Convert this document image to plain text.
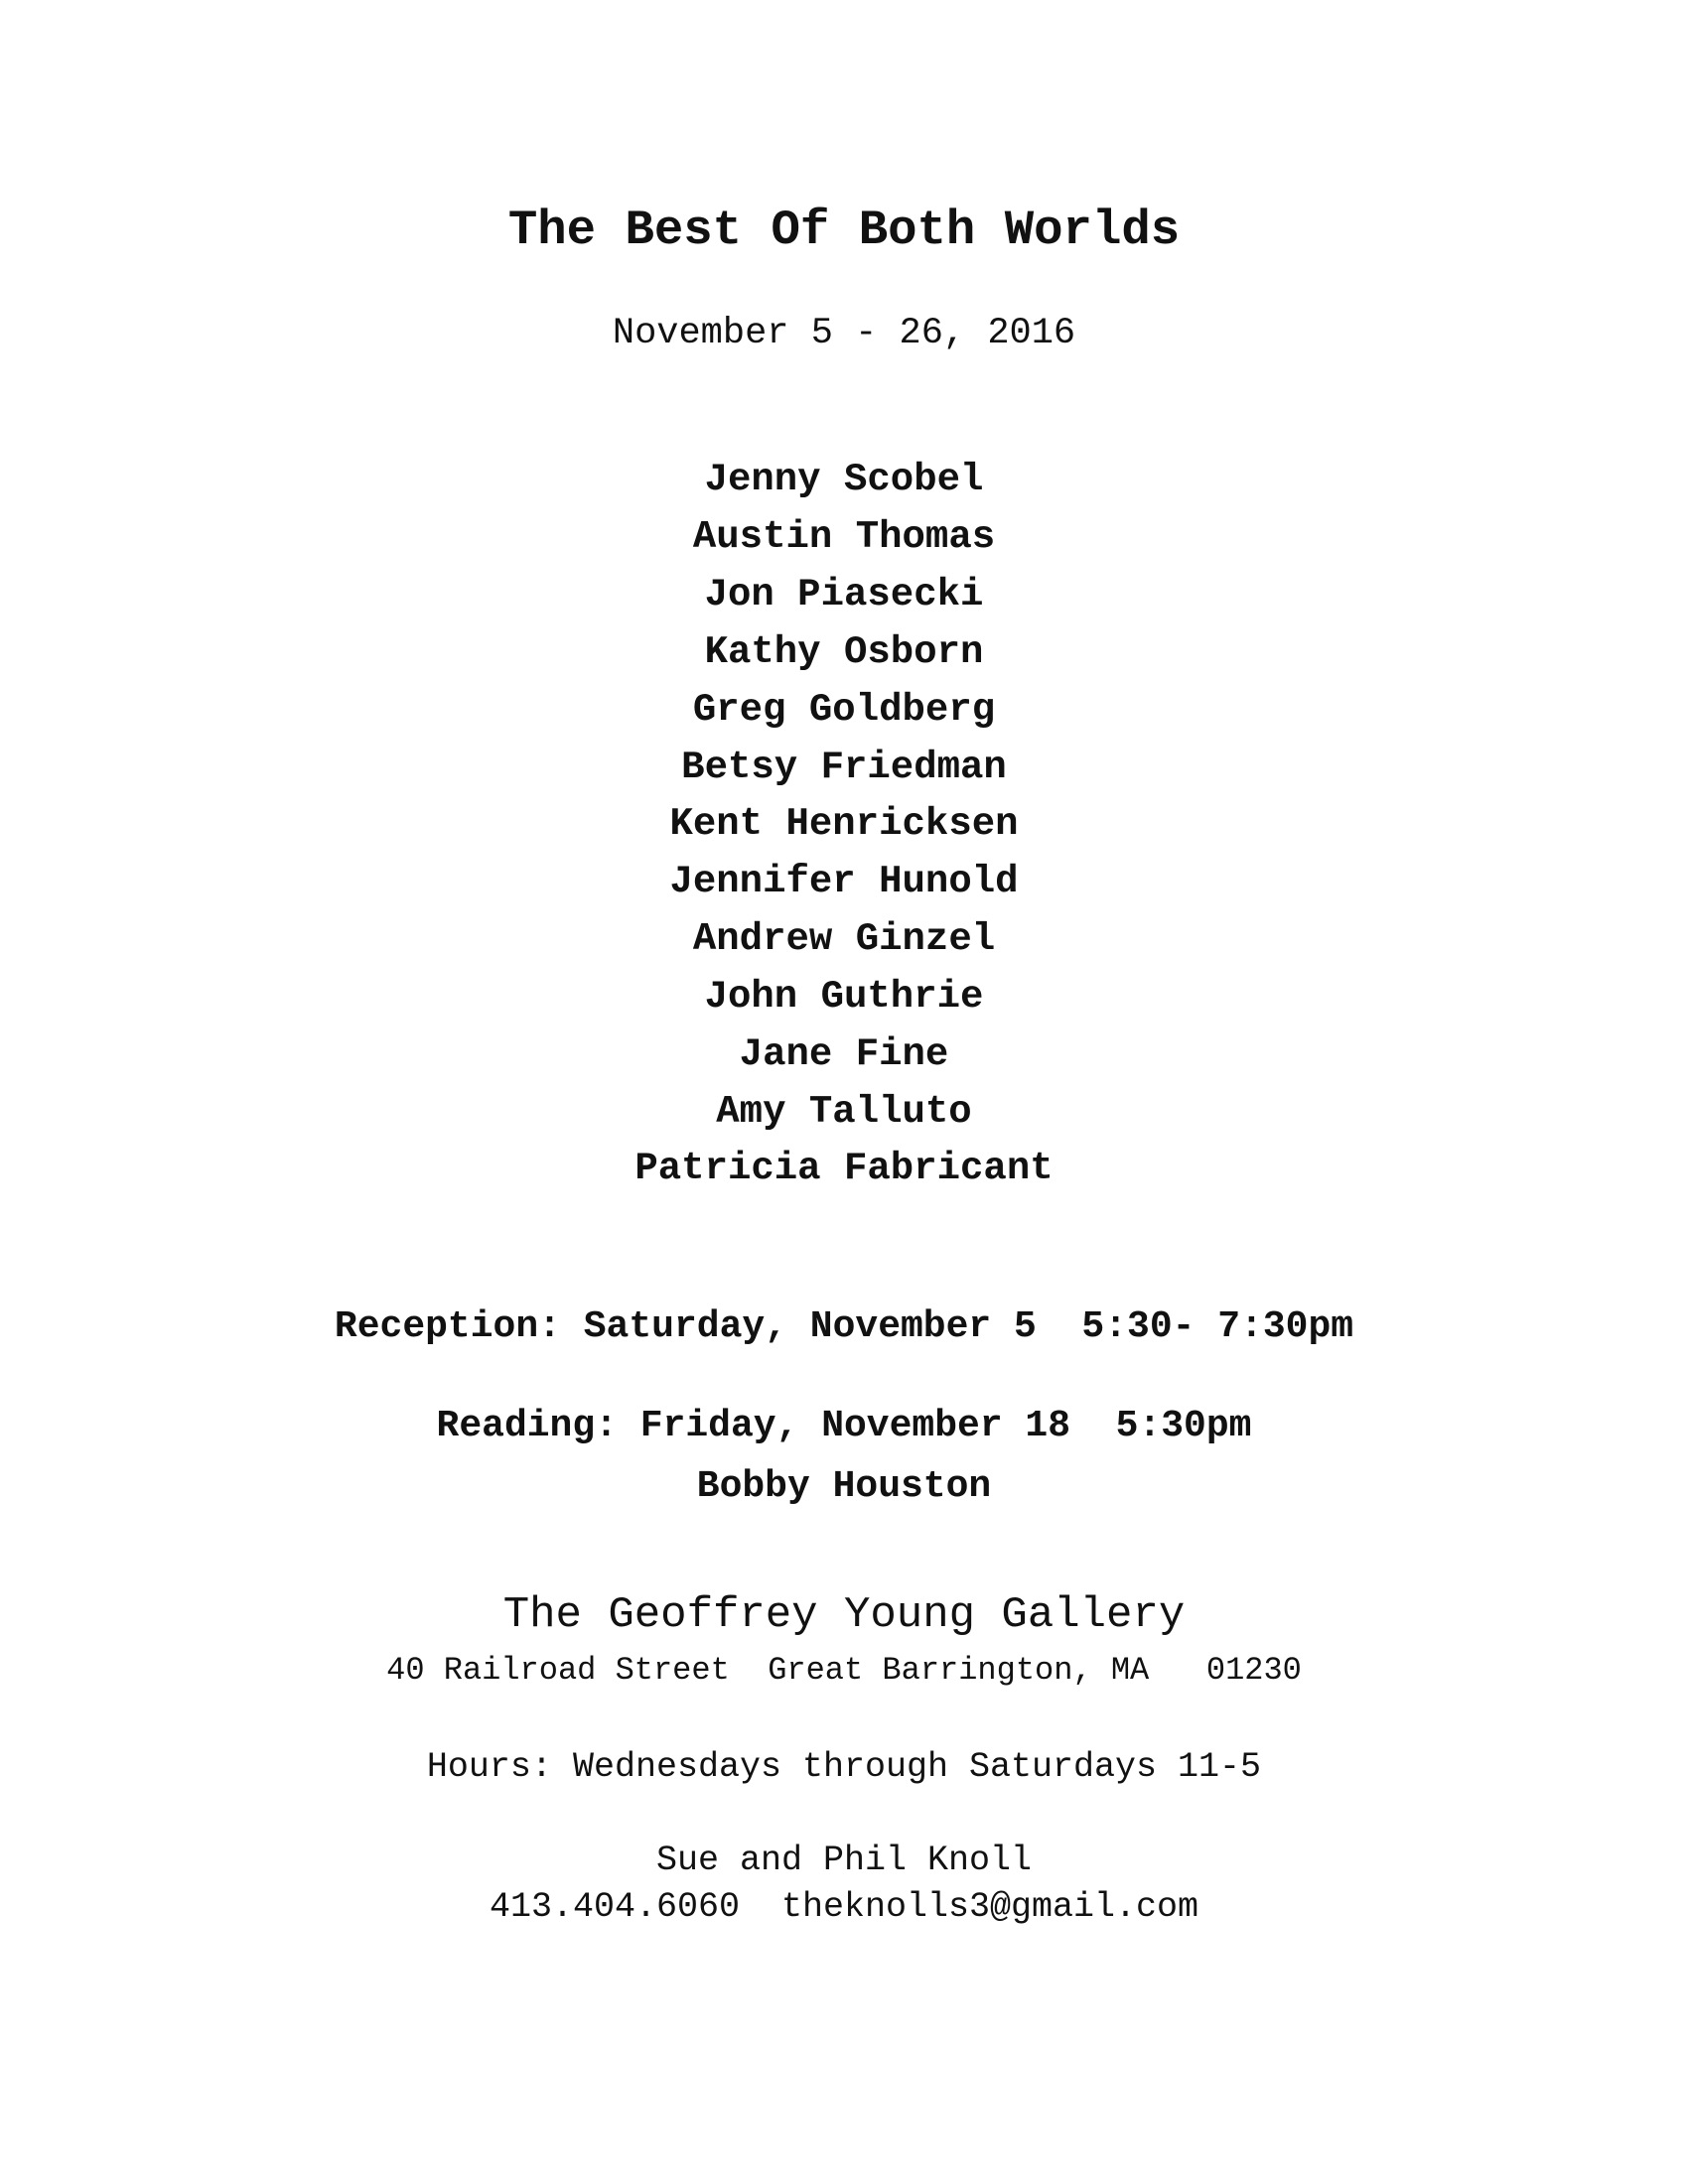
The Best Of Both Worlds
November 5 - 26, 2016
Jenny Scobel
Austin Thomas
Jon Piasecki
Kathy Osborn
Greg Goldberg
Betsy Friedman
Kent Henricksen
Jennifer Hunold
Andrew Ginzel
John Guthrie
Jane Fine
Amy Talluto
Patricia Fabricant
Reception: Saturday, November 5  5:30- 7:30pm
Reading: Friday, November 18  5:30pm
Bobby Houston
The Geoffrey Young Gallery
40 Railroad Street  Great Barrington, MA   01230
Hours: Wednesdays through Saturdays 11-5
Sue and Phil Knoll
413.404.6060  theknolls3@gmail.com
